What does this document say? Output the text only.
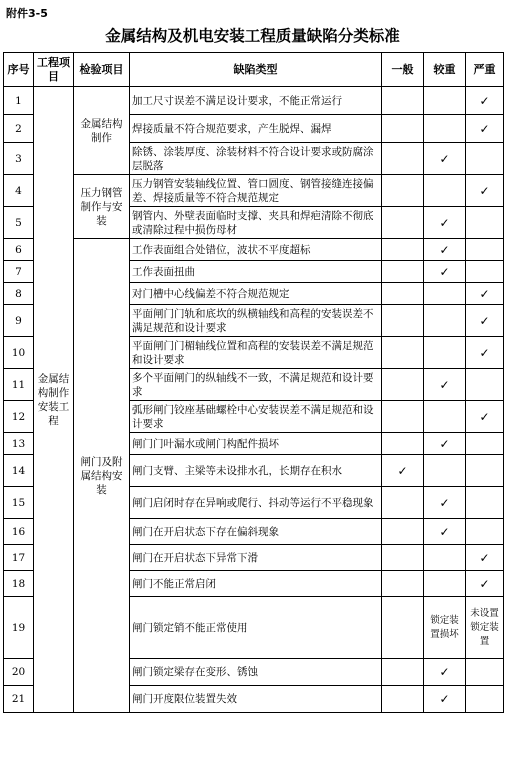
附件3-5
金属结构及机电安装工程质量缺陷分类标准
序号	工程项目	检验项目	缺陷类型	一般	较重	严重
1	金属结构制作安装工程	金属结构制作	加工尺寸误差不满足设计要求，不能正常运行			✓
2			焊接质量不符合规范要求，产生脱焊、漏焊			✓
3			除锈、涂装厚度、涂装材料不符合设计要求或防腐涂层脱落		✓	
4		压力钢管制作与安装	压力钢管安装轴线位置、管口圆度、钢管接缝连接偏差、焊接质量等不符合规范规定			✓
5			钢管内、外壁表面临时支撑、夹具和焊疤清除不彻底或清除过程中损伤母材		✓	
6		闸门及附属结构安装	工作表面组合处错位，波状不平度超标		✓	
7			工作表面扭曲		✓	
8			对门槽中心线偏差不符合规范规定			✓
9			平面闸门门轨和底坎的纵横轴线和高程的安装误差不满足规范和设计要求			✓
10			平面闸门门楣轴线位置和高程的安装误差不满足规范和设计要求			✓
11			多个平面闸门的纵轴线不一致，不满足规范和设计要求		✓	
12			弧形闸门铰座基础螺栓中心安装误差不满足规范和设计要求			✓
13			闸门门叶漏水或闸门构配件损坏		✓	
14			闸门支臂、主梁等未设排水孔，长期存在积水	✓		
15			闸门启闭时存在异响或爬行、抖动等运行不平稳现象		✓	
16			闸门在开启状态下存在偏斜现象		✓	
17			闸门在开启状态下异常下滑			✓
18			闸门不能正常启闭			✓
19			闸门锁定销不能正常使用		锁定装置损坏	未设置锁定装置
20			闸门锁定梁存在变形、锈蚀		✓	
21			闸门开度限位装置失效		✓	
